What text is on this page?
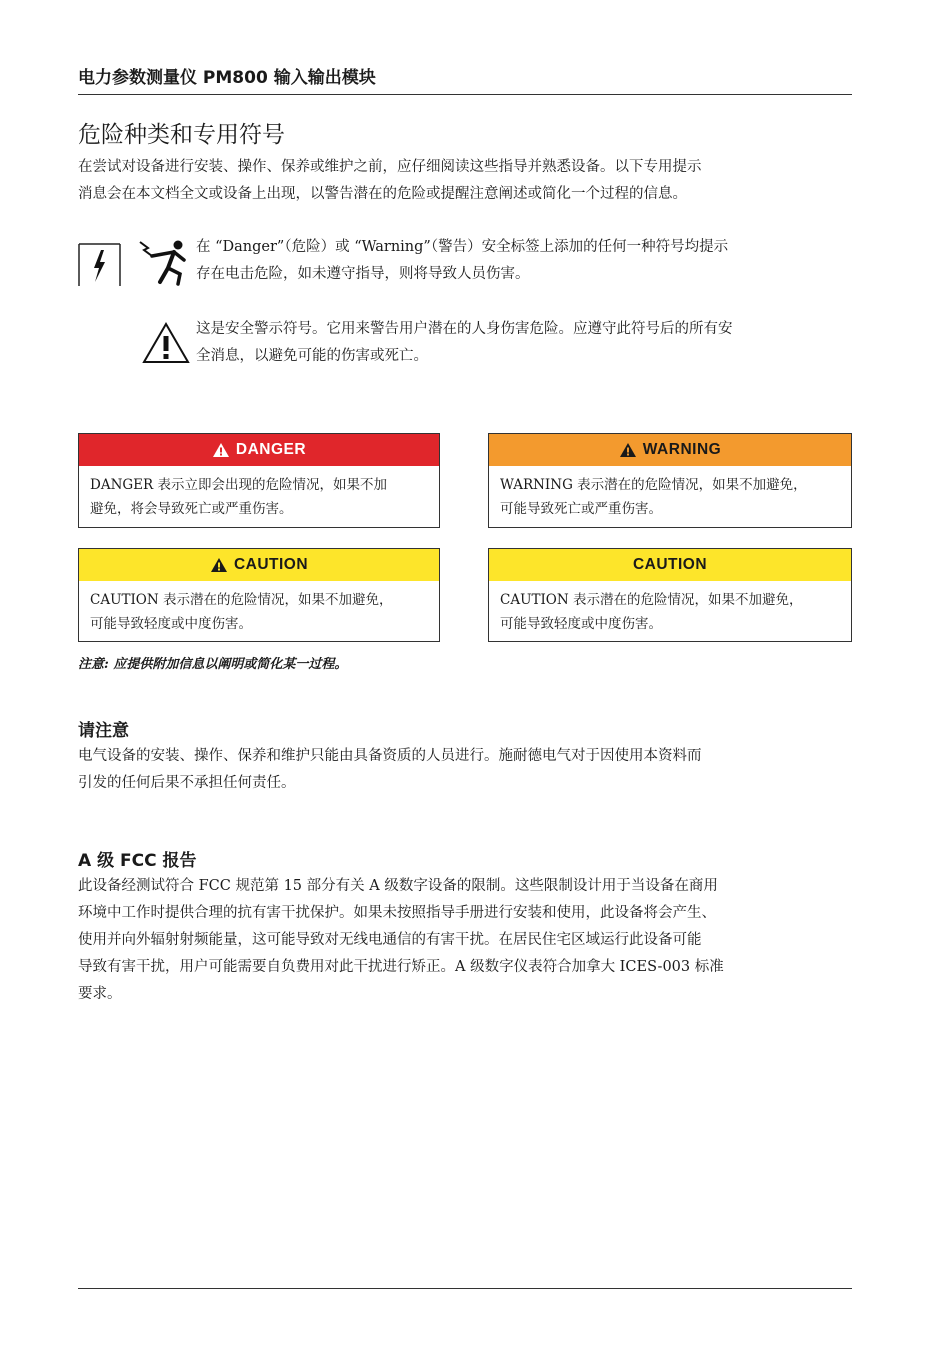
电力参数测量仪 PM800 输入输出模块
危险种类和专用符号
在尝试对设备进行安装、操作、保养或维护之前，应仔细阅读这些指导并熟悉设备。以下专用提示
消息会在本文档全文或设备上出现，以警告潜在的危险或提醒注意阐述或简化一个过程的信息。
在 “Danger”（危险）或 “Warning”（警告）安全标签上添加的任何一种符号均提示
存在电击危险，如未遵守指导，则将导致人员伤害。
这是安全警示符号。它用来警告用户潜在的人身伤害危险。应遵守此符号后的所有安
全消息，以避免可能的伤害或死亡。
DANGER
DANGER 表示立即会出现的危险情况，如果不加
避免，将会导致死亡或严重伤害。
WARNING
WARNING 表示潜在的危险情况，如果不加避免，
可能导致死亡或严重伤害。
CAUTION
CAUTION 表示潜在的危险情况，如果不加避免，
可能导致轻度或中度伤害。
CAUTION
CAUTION 表示潜在的危险情况，如果不加避免，
可能导致轻度或中度伤害。
注意: 应提供附加信息以阐明或简化某一过程。
请注意
电气设备的安装、操作、保养和维护只能由具备资质的人员进行。施耐德电气对于因使用本资料而
引发的任何后果不承担任何责任。
A 级 FCC 报告
此设备经测试符合 FCC 规范第 15 部分有关 A 级数字设备的限制。这些限制设计用于当设备在商用
环境中工作时提供合理的抗有害干扰保护。如果未按照指导手册进行安装和使用，此设备将会产生、
使用并向外辐射射频能量，这可能导致对无线电通信的有害干扰。在居民住宅区域运行此设备可能
导致有害干扰，用户可能需要自负费用对此干扰进行矫正。A 级数字仪表符合加拿大 ICES-003 标准
要求。
